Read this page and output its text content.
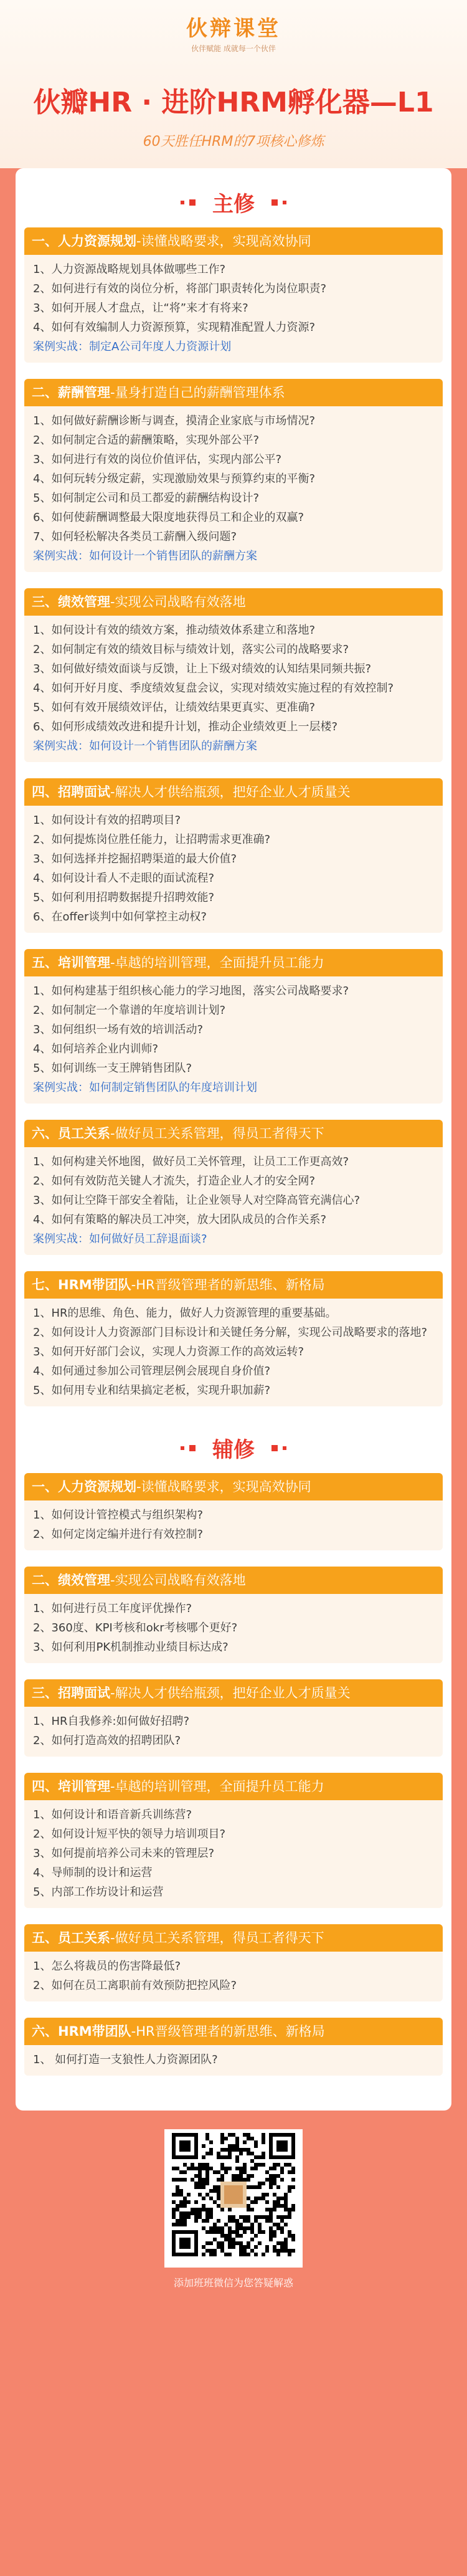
伙辩课堂
伙伴赋能 成就每一个伙伴
伙瓣HR · 进阶HRM孵化器—L1
60天胜任HRM的7项核心修炼
主修
一、人力资源规划-读懂战略要求，实现高效协同
1、人力资源战略规划具体做哪些工作?
2、如何进行有效的岗位分析，将部门职责转化为岗位职责?
3、如何开展人才盘点，让“将”来才有将来?
4、如何有效编制人力资源预算，实现精准配置人力资源?
案例实战：制定A公司年度人力资源计划
二、薪酬管理-量身打造自己的薪酬管理体系
1、如何做好薪酬诊断与调查，摸清企业家底与市场情况?
2、如何制定合适的薪酬策略，实现外部公平?
3、如何进行有效的岗位价值评估，实现内部公平?
4、如何玩转分级定薪，实现激励效果与预算约束的平衡?
5、如何制定公司和员工都爱的薪酬结构设计?
6、如何使薪酬调整最大限度地获得员工和企业的双赢?
7、如何轻松解决各类员工薪酬入级问题?
案例实战：如何设计一个销售团队的薪酬方案
三、绩效管理-实现公司战略有效落地
1、如何设计有效的绩效方案，推动绩效体系建立和落地?
2、如何制定有效的绩效目标与绩效计划，落实公司的战略要求?
3、如何做好绩效面谈与反馈，让上下级对绩效的认知结果同频共振?
4、如何开好月度、季度绩效复盘会议，实现对绩效实施过程的有效控制?
5、如何有效开展绩效评估，让绩效结果更真实、更准确?
6、如何形成绩效改进和提升计划，推动企业绩效更上一层楼?
案例实战：如何设计一个销售团队的薪酬方案
四、招聘面试-解决人才供给瓶颈，把好企业人才质量关
1、如何设计有效的招聘项目?
2、如何提炼岗位胜任能力，让招聘需求更准确?
3、如何选择并挖掘招聘渠道的最大价值?
4、如何设计看人不走眼的面试流程?
5、如何利用招聘数据提升招聘效能?
6、在offer谈判中如何掌控主动权?
五、培训管理-卓越的培训管理，全面提升员工能力
1、如何构建基于组织核心能力的学习地图，落实公司战略要求?
2、如何制定一个靠谱的年度培训计划?
3、如何组织一场有效的培训活动?
4、如何培养企业内训师?
5、如何训练一支王牌销售团队?
案例实战：如何制定销售团队的年度培训计划
六、员工关系-做好员工关系管理，得员工者得天下
1、如何构建关怀地图，做好员工关怀管理，让员工工作更高效?
2、如何有效防范关键人才流失，打造企业人才的安全网?
3、如何让空降干部安全着陆，让企业领导人对空降高管充满信心?
4、如何有策略的解决员工冲突，放大团队成员的合作关系?
案例实战：如何做好员工辞退面谈?
七、HRM带团队-HR晋级管理者的新思维、新格局
1、HR的思维、角色、能力，做好人力资源管理的重要基础。
2、如何设计人力资源部门目标设计和关键任务分解，实现公司战略要求的落地?
3、如何开好部门会议，实现人力资源工作的高效运转?
4、如何通过参加公司管理层例会展现自身价值?
5、如何用专业和结果搞定老板，实现升职加薪?
辅修
一、人力资源规划-读懂战略要求，实现高效协同
1、如何设计管控模式与组织架构?
2、如何定岗定编并进行有效控制?
二、绩效管理-实现公司战略有效落地
1、如何进行员工年度评优操作?
2、360度、KPI考核和okr考核哪个更好?
3、如何利用PK机制推动业绩目标达成?
三、招聘面试-解决人才供给瓶颈，把好企业人才质量关
1、HR自我修养:如何做好招聘?
2、如何打造高效的招聘团队?
四、培训管理-卓越的培训管理，全面提升员工能力
1、如何设计和语音新兵训练营?
2、如何设计短平快的领导力培训项目?
3、如何提前培养公司未来的管理层?
4、导师制的设计和运营
5、内部工作坊设计和运营
五、员工关系-做好员工关系管理，得员工者得天下
1、怎么将裁员的伤害降最低?
2、如何在员工离职前有效预防把控风险?
六、HRM带团队-HR晋级管理者的新思维、新格局
1、 如何打造一支狼性人力资源团队?
添加班班微信为您答疑解惑
